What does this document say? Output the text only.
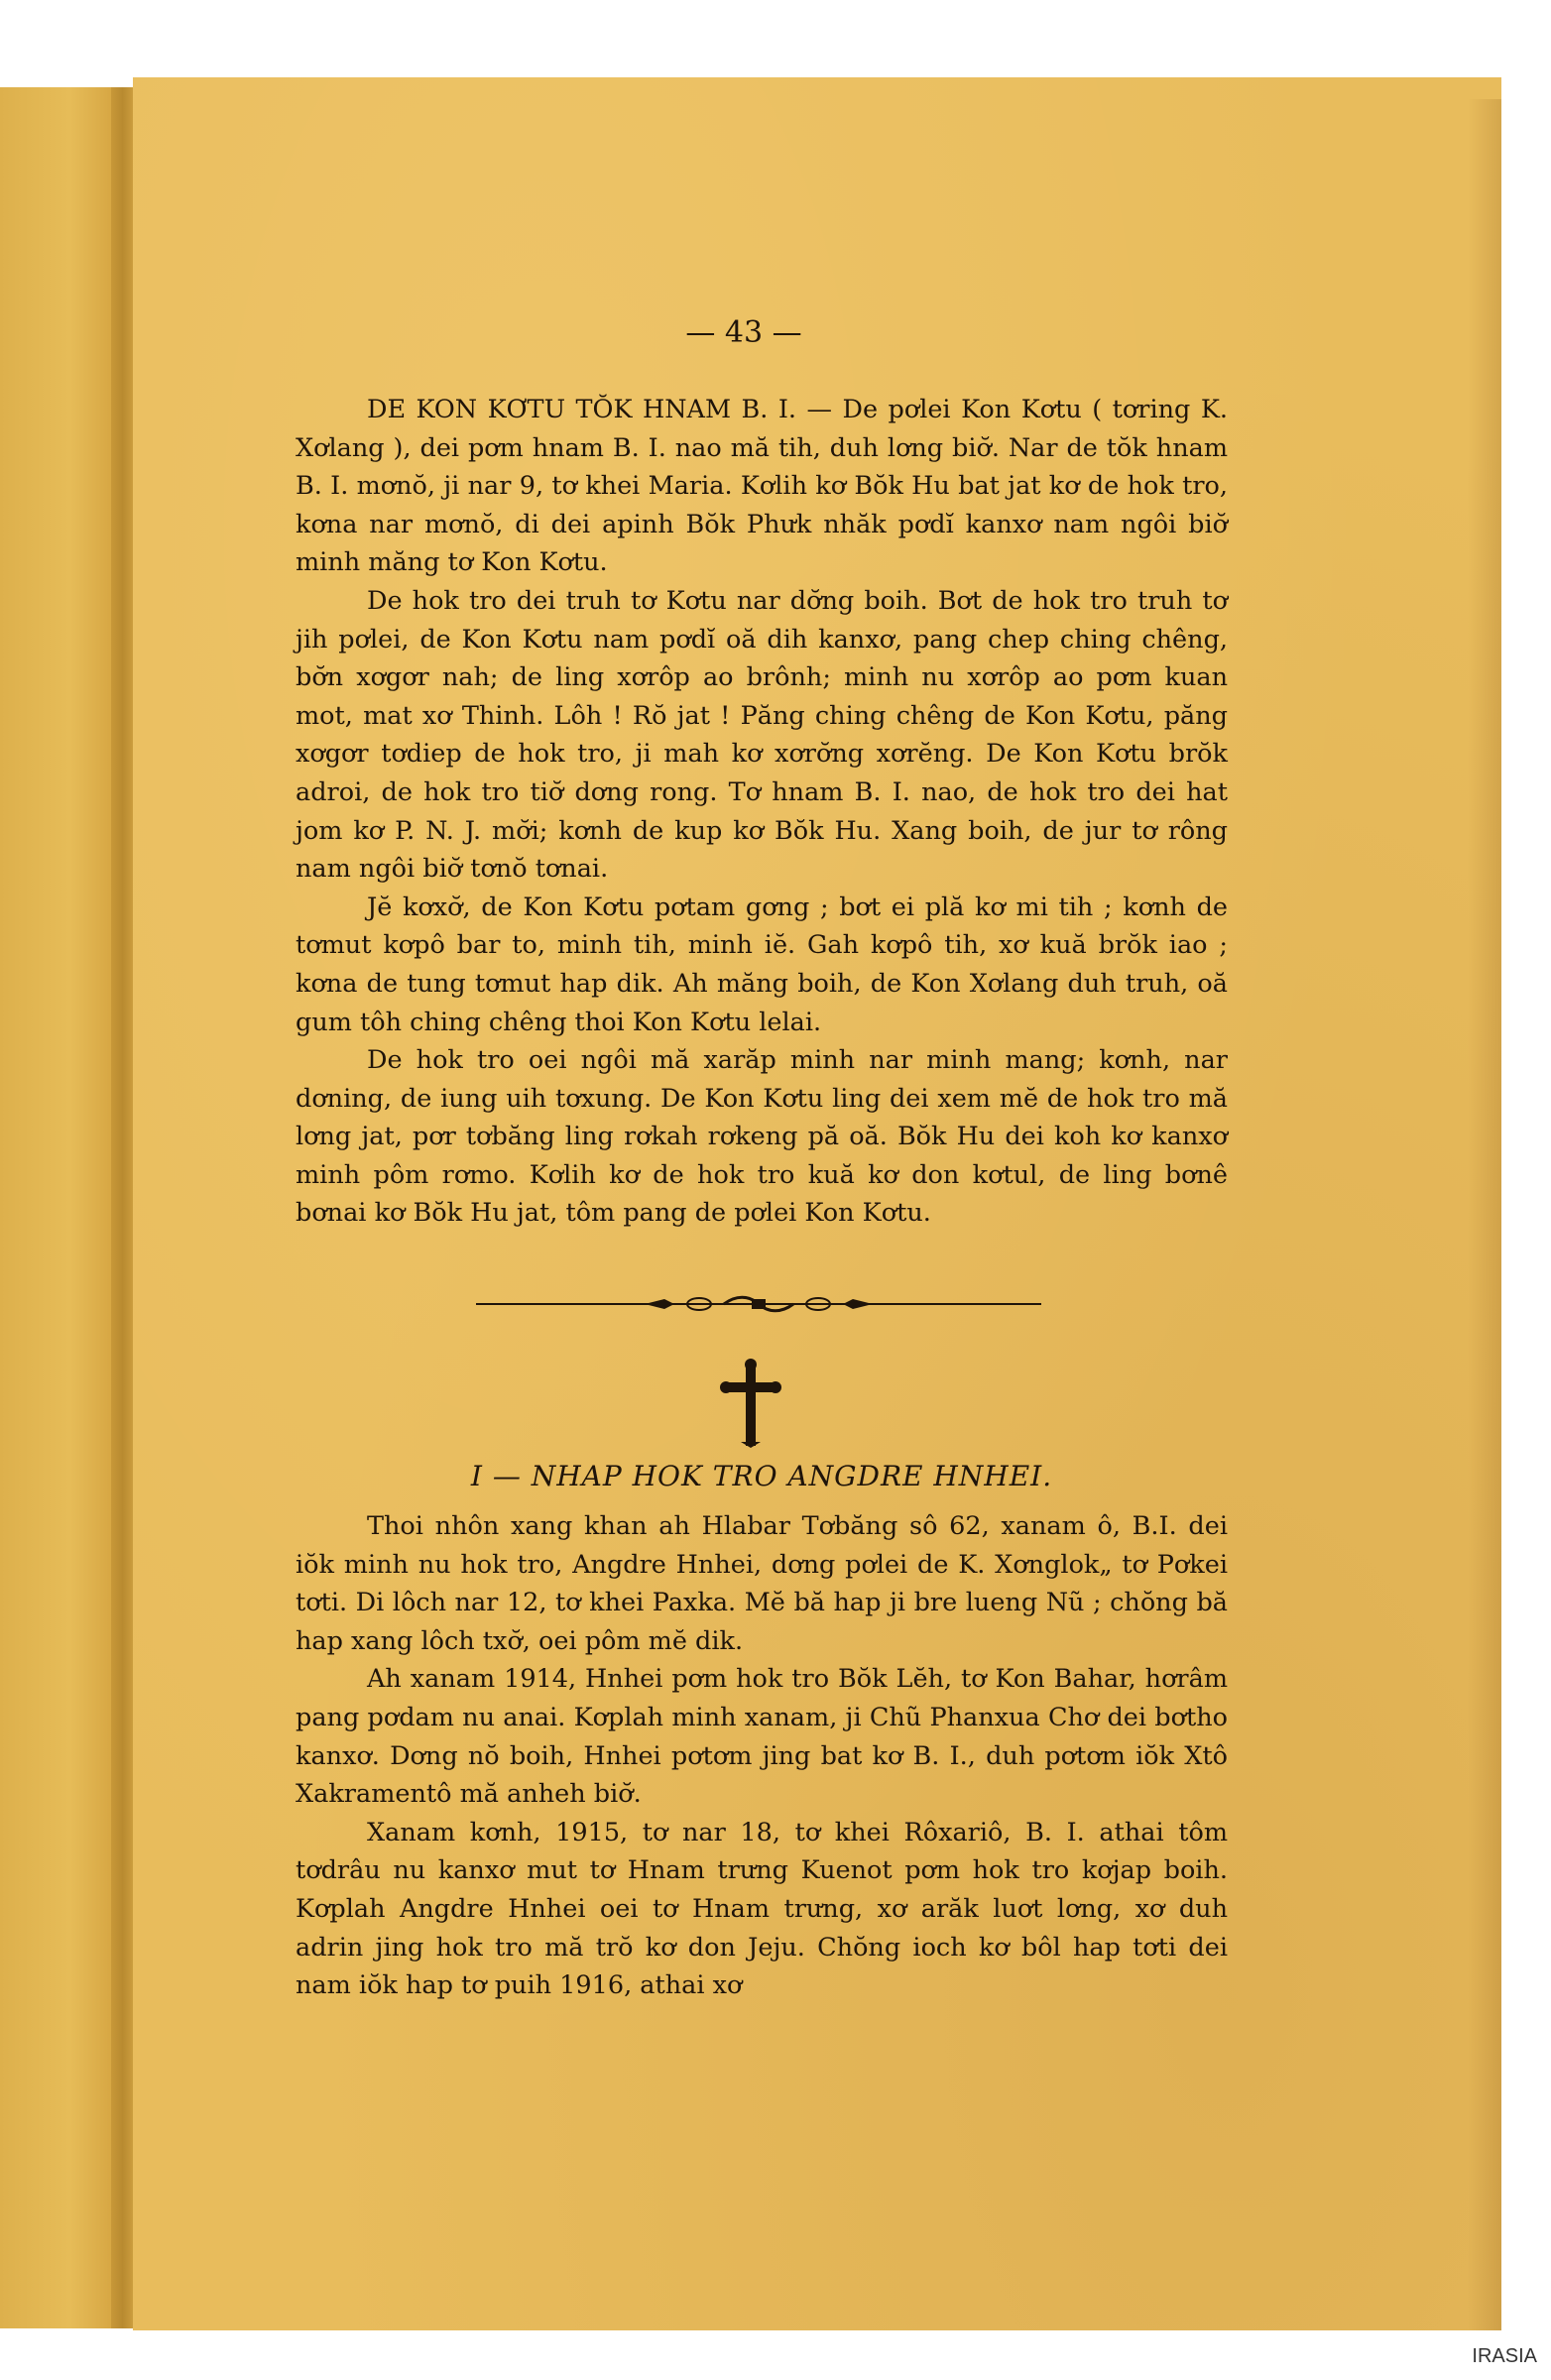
— 43 —

DE KON KƠTU TŎK HNAM B. I. — De pơlei Kon Kơtu ( tơring K. Xơlang ), dei pơm hnam B. I. nao mă tih, duh lơng biơ̆. Nar de tŏk hnam B. I. mơnŏ, ji nar 9, tơ khei Maria. Kơlih kơ Bŏk Hu bat jat kơ de hok tro, kơna nar mơnŏ, di dei apinh Bŏk Phưk nhăk pơdĭ kanxơ nam ngôi biơ̆ minh măng tơ Kon Kơtu.

De hok tro dei truh tơ Kơtu nar dơ̆ng boih. Bơt de hok tro truh tơ jih pơlei, de Kon Kơtu nam pơdĭ oă dih kanxơ, pang chep ching chêng, bơ̆n xơgơr nah; de ling xơrôp ao brônh; minh nu xơrôp ao pơm kuan mot, mat xơ Thinh. Lôh ! Rŏ jat ! Păng ching chêng de Kon Kơtu, păng xơgơr tơdiep de hok tro, ji mah kơ xơrơ̆ng xơrĕng. De Kon Kơtu brŏk adroi, de hok tro tiơ̆ dơng rong. Tơ hnam B. I. nao, de hok tro dei hat jom kơ P. N. J. mơ̆i; kơnh de kup kơ Bŏk Hu. Xang boih, de jur tơ rông nam ngôi biơ̆ tơnŏ tơnai.

Jĕ kơxơ̆, de Kon Kơtu pơtam gơng ; bơt ei plă kơ mi tih ; kơnh de tơmut kơpô bar to, minh tih, minh iĕ. Gah kơpô tih, xơ kuă brŏk iao ; kơna de tung tơmut hap dik. Ah măng boih, de Kon Xơlang duh truh, oă gum tôh ching chêng thoi Kon Kơtu lelai.

De hok tro oei ngôi mă xarăp minh nar minh mang; kơnh, nar dơning, de iung uih tơxung. De Kon Kơtu ling dei xem mĕ de hok tro mă lơng jat, pơr tơbăng ling rơkah rơkeng pă oă. Bŏk Hu dei koh kơ kanxơ minh pôm rơmo. Kơlih kơ de hok tro kuă kơ don kơtul, de ling bơnê bơnai kơ Bŏk Hu jat, tôm pang de pơlei Kon Kơtu.

I — NHAP HOK TRO ANGDRE HNHEI.

Thoi nhôn xang khan ah Hlabar Tơbăng sô 62, xanam ô, B.I. dei iŏk minh nu hok tro, Angdre Hnhei, dơng pơlei de K. Xơnglok„ tơ Pơkei tơti. Di lôch nar 12, tơ khei Paxka. Mĕ bă hap ji bre lueng Nũ ; chŏng bă hap xang lôch txơ̆, oei pôm mĕ dik.

Ah xanam 1914, Hnhei pơm hok tro Bŏk Lĕh, tơ Kon Bahar, hơrâm pang pơdam nu anai. Kơplah minh xanam, ji Chũ Phanxua Chơ dei bơtho kanxơ. Dơng nŏ boih, Hnhei pơtơm jing bat kơ B. I., duh pơtơm iŏk Xtô Xakramentô mă anheh biơ̆.

Xanam kơnh, 1915, tơ nar 18, tơ khei Rôxariô, B. I. athai tôm tơdrâu nu kanxơ mut tơ Hnam trưng Kuenot pơm hok tro kơjap boih. Kơplah Angdre Hnhei oei tơ Hnam trưng, xơ arăk luơt lơng, xơ duh adrin jing hok tro mă trŏ kơ don Jeju. Chŏng ioch kơ bôl hap tơti dei nam iŏk hap tơ puih 1916, athai xơ

IRASIA
